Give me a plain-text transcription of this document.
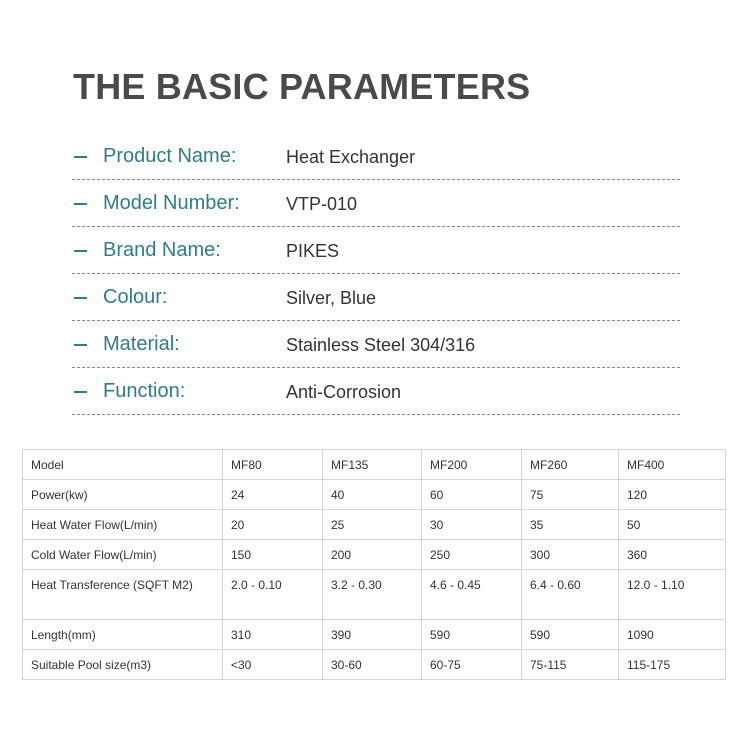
THE BASIC PARAMETERS
Product Name:	Heat Exchanger
Model Number:	VTP-010
Brand Name:	PIKES
Colour:	Silver, Blue
Material:	Stainless Steel 304/316
Function:	Anti-Corrosion
Model	MF80	MF135	MF200	MF260	MF400
Power(kw)	24	40	60	75	120
Heat Water Flow(L/min)	20	25	30	35	50
Cold Water Flow(L/min)	150	200	250	300	360
Heat Transference (SQFT M2)	2.0 - 0.10	3.2 - 0.30	4.6 - 0.45	6.4 - 0.60	12.0 - 1.10
Length(mm)	310	390	590	590	1090
Suitable Pool size(m3)	<30	30-60	60-75	75-115	115-175
